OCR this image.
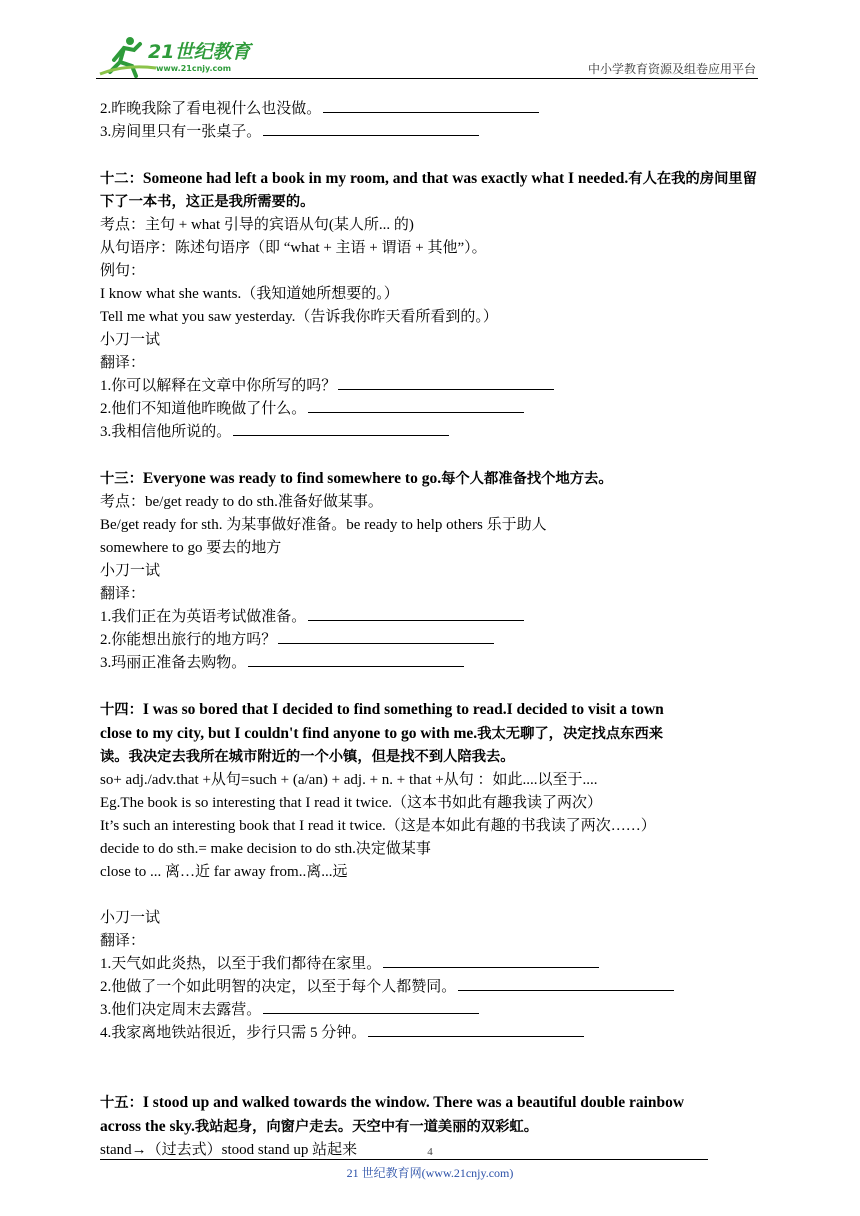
21世纪教育
www.21cnjy.com	中小学教育资源及组卷应用平台
2.昨晚我除了看电视什么也没做。
3.房间里只有一张桌子。
十二：Someone had left a book in my room, and that was exactly what I needed.有人在我的房间里留下了一本书，这正是我所需要的。
考点：主句 + what 引导的宾语从句(某人所... 的)
从句语序：陈述句语序（即 “what + 主语 + 谓语 + 其他”）。
例句：
I know what she wants.（我知道她所想要的。）
Tell me what you saw yesterday.（告诉我你昨天看所看到的。）
小刀一试
翻译：
1.你可以解释在文章中你所写的吗？
2.他们不知道他昨晚做了什么。
3.我相信他所说的。
十三：Everyone was ready to find somewhere to go.每个人都准备找个地方去。
考点：be/get ready to do sth.准备好做某事。
Be/get ready for sth. 为某事做好准备。be ready to help others 乐于助人
somewhere to go 要去的地方
小刀一试
翻译：
1.我们正在为英语考试做准备。
2.你能想出旅行的地方吗？
3.玛丽正准备去购物。
十四：I was so bored that I decided to find something to read.I decided to visit a town
close to my city, but I couldn't find anyone to go with me.我太无聊了，决定找点东西来
读。我决定去我所在城市附近的一个小镇，但是找不到人陪我去。
so+ adj./adv.that +从句=such + (a/an) + adj. + n. + that +从句 ：如此....以至于....
Eg.The book is so interesting that I read it twice.（这本书如此有趣我读了两次）
It’s such an interesting book that I read it twice.（这是本如此有趣的书我读了两次……）
decide to do sth.= make decision to do sth.决定做某事
close to ... 离…近 far away from..离...远
小刀一试
翻译：
1.天气如此炎热，以至于我们都待在家里。
2.他做了一个如此明智的决定，以至于每个人都赞同。
3.他们决定周末去露营。
4.我家离地铁站很近，步行只需 5 分钟。
十五：I stood up and walked towards the window. There was a beautiful double rainbow
across the sky.我站起身，向窗户走去。天空中有一道美丽的双彩虹。
stand→（过去式）stood stand up 站起来	4
21 世纪教育网(www.21cnjy.com)
